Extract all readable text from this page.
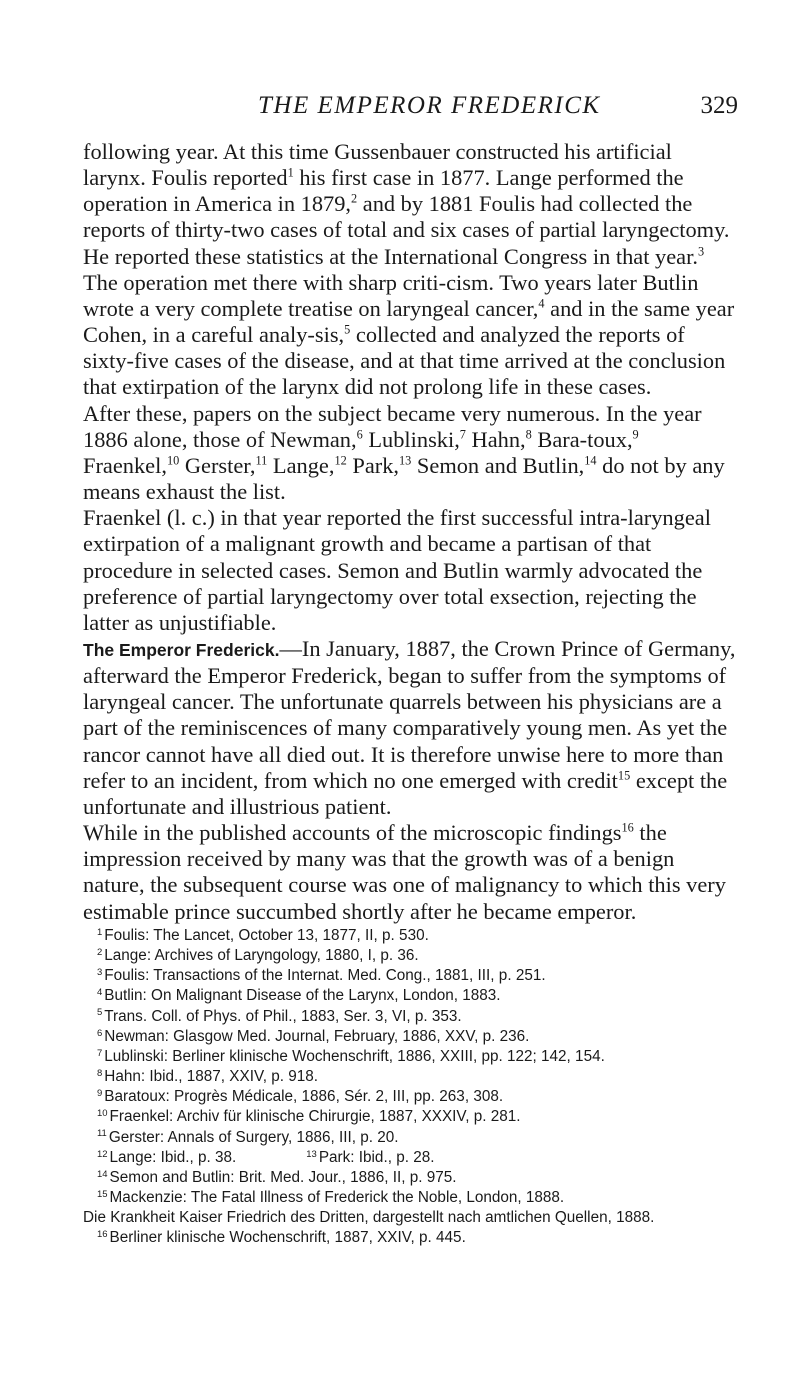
THE EMPEROR FREDERICK	329

following year. At this time Gussenbauer constructed his artificial larynx. Foulis reported$^1$ his first case in 1877. Lange performed the operation in America in 1879,$^2$ and by 1881 Foulis had collected the reports of thirty-two cases of total and six cases of partial laryngectomy. He reported these statistics at the International Congress in that year.$^3$ The operation met there with sharp criti-cism. Two years later Butlin wrote a very complete treatise on laryngeal cancer,$^4$ and in the same year Cohen, in a careful analy-sis,$^5$ collected and analyzed the reports of sixty-five cases of the disease, and at that time arrived at the conclusion that extirpation of the larynx did not prolong life in these cases.

After these, papers on the subject became very numerous. In the year 1886 alone, those of Newman,$^6$ Lublinski,$^7$ Hahn,$^8$ Bara-toux,$^9$ Fraenkel,$^{10}$ Gerster,$^{11}$ Lange,$^{12}$ Park,$^{13}$ Semon and Butlin,$^{14}$ do not by any means exhaust the list.

Fraenkel (l. c.) in that year reported the first successful intra-laryngeal extirpation of a malignant growth and became a partisan of that procedure in selected cases. Semon and Butlin warmly advocated the preference of partial laryngectomy over total exsection, rejecting the latter as unjustifiable.

The Emperor Frederick.—In January, 1887, the Crown Prince of Germany, afterward the Emperor Frederick, began to suffer from the symptoms of laryngeal cancer. The unfortunate quarrels between his physicians are a part of the reminiscences of many comparatively young men. As yet the rancor cannot have all died out. It is therefore unwise here to more than refer to an incident, from which no one emerged with credit$^{15}$ except the unfortunate and illustrious patient.

While in the published accounts of the microscopic findings$^{16}$ the impression received by many was that the growth was of a benign nature, the subsequent course was one of malignancy to which this very estimable prince succumbed shortly after he became emperor.

$^1$ Foulis: The Lancet, October 13, 1877, II, p. 530.

$^2$ Lange: Archives of Laryngology, 1880, I, p. 36.

$^3$ Foulis: Transactions of the Internat. Med. Cong., 1881, III, p. 251.

$^4$ Butlin: On Malignant Disease of the Larynx, London, 1883.

$^5$ Trans. Coll. of Phys. of Phil., 1883, Ser. 3, VI, p. 353.

$^6$ Newman: Glasgow Med. Journal, February, 1886, XXV, p. 236.

$^7$ Lublinski: Berliner klinische Wochenschrift, 1886, XXIII, pp. 122; 142, 154.

$^8$ Hahn: Ibid., 1887, XXIV, p. 918.

$^9$ Baratoux: Progrès Médicale, 1886, Sér. 2, III, pp. 263, 308.

$^{10}$ Fraenkel: Archiv für klinische Chirurgie, 1887, XXXIV, p. 281.

$^{11}$ Gerster: Annals of Surgery, 1886, III, p. 20.

$^{12}$ Lange: Ibid., p. 38.	$^{13}$ Park: Ibid., p. 28.

$^{14}$ Semon and Butlin: Brit. Med. Jour., 1886, II, p. 975.

$^{15}$ Mackenzie: The Fatal Illness of Frederick the Noble, London, 1888.

Die Krankheit Kaiser Friedrich des Dritten, dargestellt nach amtlichen Quellen, 1888.

$^{16}$ Berliner klinische Wochenschrift, 1887, XXIV, p. 445.
